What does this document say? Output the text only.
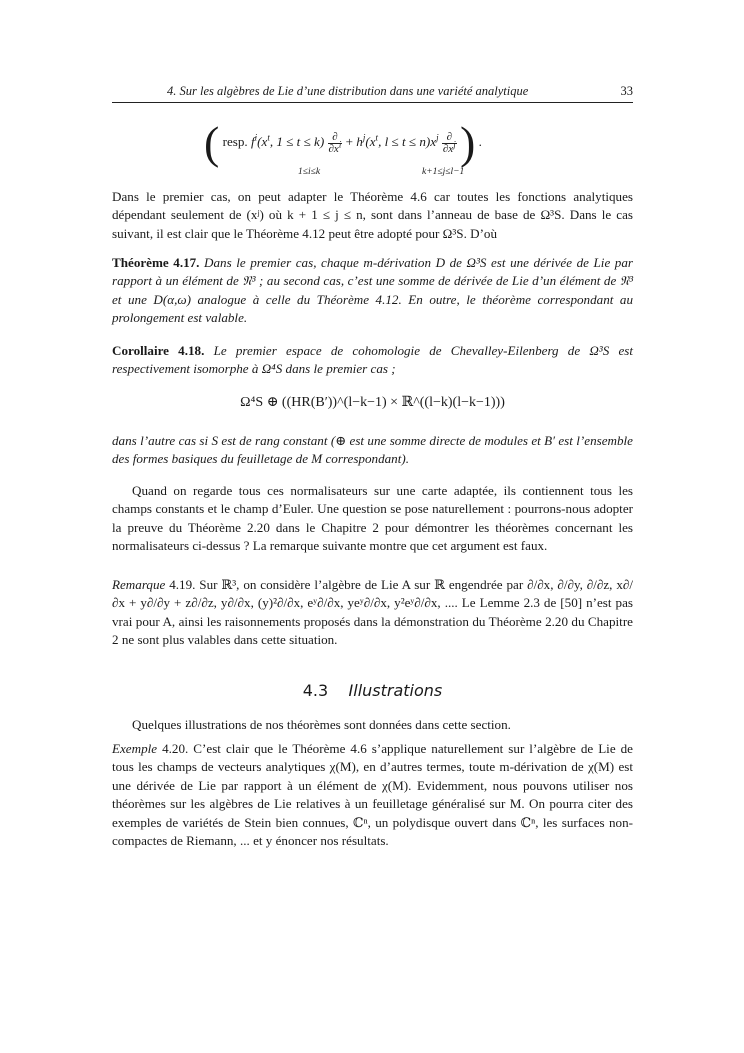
4. Sur les algèbres de Lie d’une distribution dans une variété analytique	33
( resp. $f^i(x^t$, $1 \le t \le k) \frac{\partial}{\partial x^i} + h^j(x^t$, $l \le t \le n)x^j \frac{\partial}{\partial x^j}$ ) .
1≤i≤k	k+1≤j≤l−1
Dans le premier cas, on peut adapter le Théorème 4.6 car toutes les fonctions analytiques dépendant seulement de (xʲ) où k + 1 ≤ j ≤ n, sont dans l’anneau de base de Ω³S. Dans le cas suivant, il est clair que le Théorème 4.12 peut être adopté pour Ω³S. D’où
Théorème 4.17. Dans le premier cas, chaque m-dérivation D de Ω³S est une dérivée de Lie par rapport à un élément de 𝔑³ ; au second cas, c’est une somme de dérivée de Lie d’un élément de 𝔑³ et une D(α,ω) analogue à celle du Théorème 4.12. En outre, le théorème correspondant au prolongement est valable.
Corollaire 4.18. Le premier espace de cohomologie de Chevalley-Eilenberg de Ω³S est respectivement isomorphe à Ω⁴S dans le premier cas ;
Ω⁴S ⊕ ((HR(B′))^(l−k−1) × ℝ^((l−k)(l−k−1)))
dans l’autre cas si S est de rang constant (⊕ est une somme directe de modules et B′ est l’ensemble des formes basiques du feuilletage de M correspondant).
Quand on regarde tous ces normalisateurs sur une carte adaptée, ils contiennent tous les champs constants et le champ d’Euler. Une question se pose naturellement : pourrons-nous adopter la preuve du Théorème 2.20 dans le Chapitre 2 pour démontrer les théorèmes concernant les normalisateurs ci-dessus ? La remarque suivante montre que cet argument est faux.
Remarque 4.19. Sur ℝ³, on considère l’algèbre de Lie A sur ℝ engendrée par ∂/∂x, ∂/∂y, ∂/∂z, x∂/∂x + y∂/∂y + z∂/∂z, y∂/∂x, (y)²∂/∂x, eʸ∂/∂x, yeʸ∂/∂x, y²eʸ∂/∂x, .... Le Lemme 2.3 de [50] n’est pas vrai pour A, ainsi les raisonnements proposés dans la démonstration du Théorème 2.20 du Chapitre 2 ne sont plus valables dans cette situation.
4.3 Illustrations
Quelques illustrations de nos théorèmes sont données dans cette section.
Exemple 4.20. C’est clair que le Théorème 4.6 s’applique naturellement sur l’algèbre de Lie de tous les champs de vecteurs analytiques χ(M), en d’autres termes, toute m-dérivation de χ(M) est une dérivée de Lie par rapport à un élément de χ(M). Evidemment, nous pouvons utiliser nos théorèmes sur les algèbres de Lie relatives à un feuilletage généralisé sur M. On pourra citer des exemples de variétés de Stein bien connues, ℂⁿ, un polydisque ouvert dans ℂⁿ, les surfaces non-compactes de Riemann, ... et y énoncer nos résultats.
